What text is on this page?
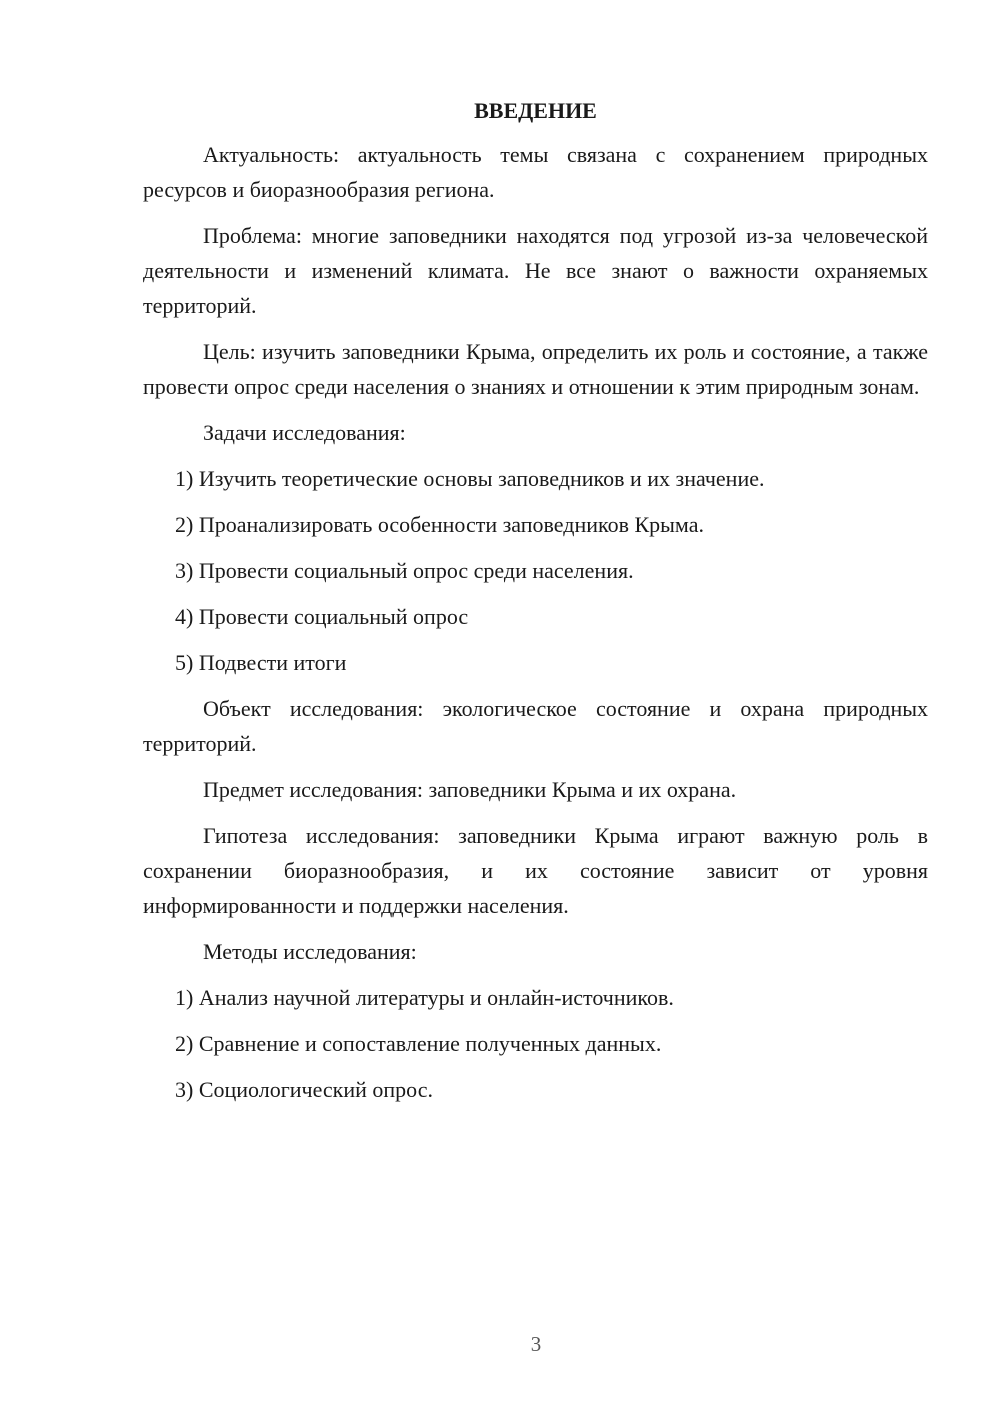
ВВЕДЕНИЕ

Актуальность: актуальность темы связана с сохранением природных ресурсов и биоразнообразия региона.

Проблема: многие заповедники находятся под угрозой из-за человеческой деятельности и изменений климата. Не все знают о важности охраняемых территорий.

Цель: изучить заповедники Крыма, определить их роль и состояние, а также провести опрос среди населения о знаниях и отношении к этим природным зонам.

Задачи исследования:

1) Изучить теоретические основы заповедников и их значение.
2) Проанализировать особенности заповедников Крыма.
3) Провести социальный опрос среди населения.
4) Провести социальный опрос
5) Подвести итоги

Объект исследования: экологическое состояние и охрана природных территорий.

Предмет исследования: заповедники Крыма и их охрана.

Гипотеза исследования: заповедники Крыма играют важную роль в сохранении биоразнообразия, и их состояние зависит от уровня информированности и поддержки населения.

Методы исследования:

1) Анализ научной литературы и онлайн-источников.
2) Сравнение и сопоставление полученных данных.
3) Социологический опрос.
3
